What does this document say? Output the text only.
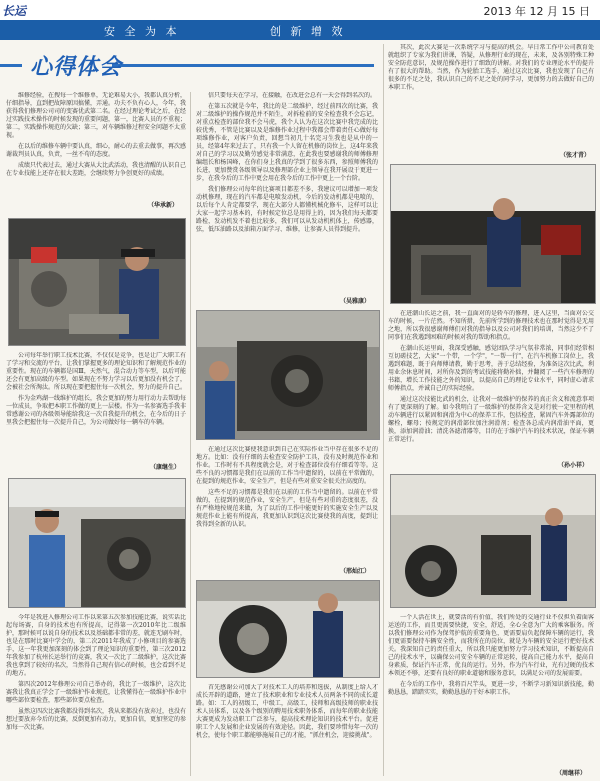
长运	2013 年 12 月 15 日
安 全 为 本	创 新 增 效
心得体会

维修经验，在搜每一个维修单，无论难易大小，我都认真分析，仔细指导，直到把故障原因搞懂，弄通。功夫不负有心人，今年，我获得我们修理公司司的变赛优武第二名。在经过理论考试之后，在经过实践技术操作的时候发现的重要问题，第一，比赛人员的不重视；第二，实践操作规范的欠缺；第三，对车辆维修过程安全问题不太重视。

在以后的维修车辆中要认真，细心，耐心的去重去做事，再次感谢裁判员认真，负责，一丝不苟的态度。

成绩只代表过去，通过大赛从大比武活动，我也清醒的认识自己在专业技能上还存在很大差距，会继续努力争创更好的成绩。

（华承新）

公司每年举行职工技术比赛，不仅仅是竞争，也是让广大职工有了学习和交流的平台，让我们掌握更多的理论知识和了解规范作业的重要性。现在的车辆都是国Ⅲ，天然气，混合动力等车型，以后可能还会有更加高级的车型。如果现在不努力学习以后更加没有机会了，会被社会所淘汰。所以现在要把握住每一次机会，努力的提升自己。

作为金鸡湖一线维护的组长，我会更加的努力用行动力去帮助每一位成员，争取把本职工作做的更上一层楼。作为一名参赛选手我非常感谢公司的各级领导能给我这一次自我提升的机会，在今后的日子里我会把握住每一次提升自己，为公司做好每一辆车的车辆。

（康继生）

今年是我进入修理公司工作以来第五次参加技能比赛，说实话比起每场赛，自身的技术也有所提高，记得第一次2010年比二级维护，那时候可以说自身的技术以及基础都非常的差，就连无刷车时，也是在那时比赛中学会的，第二次2011年我成了小修项目的参赛选手，这一年我更加深刻的体会到了理论知识的重要性，第三次2012年我参加了杭州长运举行的竞赛，我又一次比了二级维护，这次比赛我也拿到了较好的名次，当然得自己现有信心的时候，也会看到不足的地方。

第四次2012年修理公司自己举办的，我比了一级维护，这次比赛我让我真正学会了一级维护作业规范，让我懂得在一级维护作业中哪些部位要检查，那些部位要点检查。

虽然这四次比赛我都没得到名次，我从来都没有放弃过，也没有想过要放弃今后的比赛，反倒更加有动力，更加自信，更加坚定的参加每一次比赛。

信只要每天在学习，在接触，在改进会总有一天会得到名次的。

在第五次就是今年，我比的是二级维护，经过前四次的比赛，我对二级维护的操作规范并不陌生，对拆检前的安全检查我不会忘记，对重点检查的部位我不会马虎，我个人认为在这次比赛中我完成的比较优秀，不管是比赛以及是维修作业过程中我都会带着责任心做好每项维修作业，对客户负责，回想当初几十名完习生我也是从中的一员，经第4年来过去了，只有我一个人留在机修的岗位上，这4年来我对自己的学习以及勤劳感觉非常满意，在此我也要感谢我的师傅修理编组长和杨国峰，在你们身上我真的学到了很多东西，参照师傅我的长进，更加赞赏各级领导以及修理部企业上领导在我开展设于更进一步，在我今后的工作中更会用在我今后的工作中更上一个台阶。

我们修理公司每年的比赛项目都差不多，我建议可以增加一项发动机修理，现在的汽车都是电喷发动机，今后的发动机都是电喷的，以后每个人肯定都要学，现在大部分人都懂机械化修车，这样可以让大家一起学习基本的，有时候定位总是用得上的，因为我们每天都要路检，发动机发不着也比较多，我们可以从发动机机体上，传感器，弦，低压油路以及油箱方面学习、维修，让参赛人员得到提升。

（吴雅康）

在通过这次比赛使我意识到自己在实际作业当中存在很多不足的地方。比如：没有仔细的去检查安全防护工具，没有及时规范作业和作业。工作时有不具程度就会是，对于检查部位没有仔细看等等。这些不良的习惯都是我们在以前的工作当中遗留的，以前在平常做的，在提到的规范作业，安全生产，但是有些对重安全很关注高度的。

这些不足的习惯都是我们在以前的工作当中遗留的。以前在平常做的，在提到的规范作业，安全生产，但是有些对重的态度很差，没有严格地按规范来做，为了以后的工作中能更好的实施安全生产以及规范作业上能有所提高，我更加认识到这次比赛使我的高度，提到让我得到全新的认识。

（邢灿江）

首先感谢公司加大了对技术工人的培养和选拔，从制度上给人才成长开辟的道路，建立了技术职业和专业技术人员两条不同的成长道路。如：工人的初级工，中级工，高级工，技师和高级技师的职业技术人员体系，以及各个级别的聘用技术职务体系，而每年的职业技能大赛更成为发动职工广泛参与，提高技术理论知识的技术平台。促进职工个人发展和企业发展的有效途径。因此，我们要珍惜每年一次的机会，使每个职工都能够施展自己的才能，"抓住机会，迎接挑战"。

其次，此次大赛是一次系统学习与提高的机会。早日常工作中公司教育处就组织了专家为我们讲课，答疑，从修理行业的现在，未来，及各别特殊工种安全防范意识，及规范操作进行了细致的讲解。对我们的专业理论水平的提升有了很大的帮助。当然，作为轮胎工选手，通过这次比赛，我也发现了自己有很多的不足之处，我认识自己的不足之处的同学习，更加努力的去做好自己的本职工作。

（张才青）

在进潮山长运之前，我一直面对的是轿车的修理，进入这里，当面对公交车的时候，一片茫然。不知所措，先前所学到的修理技术也在那时觉得是无用之地，所以我很感谢师傅们对我的指导以及公司对我们的培训，当然这少不了同事们在我遇到困难的时候对我的帮助和指点。

在潮山长运里面，我深受感触，感觉团队学习气氛非常浓，同事们经常相互切磋技艺，大家"一个带，一个学"，"一帮一行"，在汽车机修工岗位上，我遇到难题，既于向师傅请教，勤于思考，善于总结经验，为准备这次比武，利用业余休息时间，对所你及到的考试技能将勤补拙，并翻阅了一些汽车修理的书籍，增长工作技能之外的知识，以提高自己的理论专业水平，同时虚心请求师傅指点，并诚自己的实际经验。

通过这次技能比武的机会，让我对一级维护的保养的真正含义和流意事项有了更深刻的了解。如今我明白了一级维护的保养含义是对行驶一定里程的机动车辆进行以紧固和润滑为中心的保养工作，包括检查，紧固汽车外露部位的螺栓，螺母；按规定的润滑部位加注润滑剂；检查各总成内润滑油平面，更换，添加润滑油；清洗各滤清器等，目的在于维护汽车的技术状况，保证车辆正常运行。

（孙小祥）

一个人活在世上，就要活的有价值，我们所处的交通行业不仅担负着面客运送的工作，而且更需要快捷，安全，舒适，全心全意为广大的乘客服务。所以我们修理公司作为保驾护航的重要角色，更需要肩负起保障车辆的运行，我们更需要保持车辆安全性，而我所在的岗位，就是为车辆的安全运行把好技术关。我深知自己的责任重大，所以我只能更加努力学习技术知识，不断提高自己的技术水平，以确保公司安全车辆的正常运转，提高自己能力水平，提高自身素质，保证汽车正常，优良的运行。另外，作为汽车行业，光有过硬的技术本领还不够，还要有良好的职业道德和服务意识，以满足公司的发展需要。

在今后的工作中，我将百尺竿头，更进一步，不断学习新知识新技能，勤勤恳恳，踏踏实实，勤勤恳恳的干好本职工作。

（周继祥）
